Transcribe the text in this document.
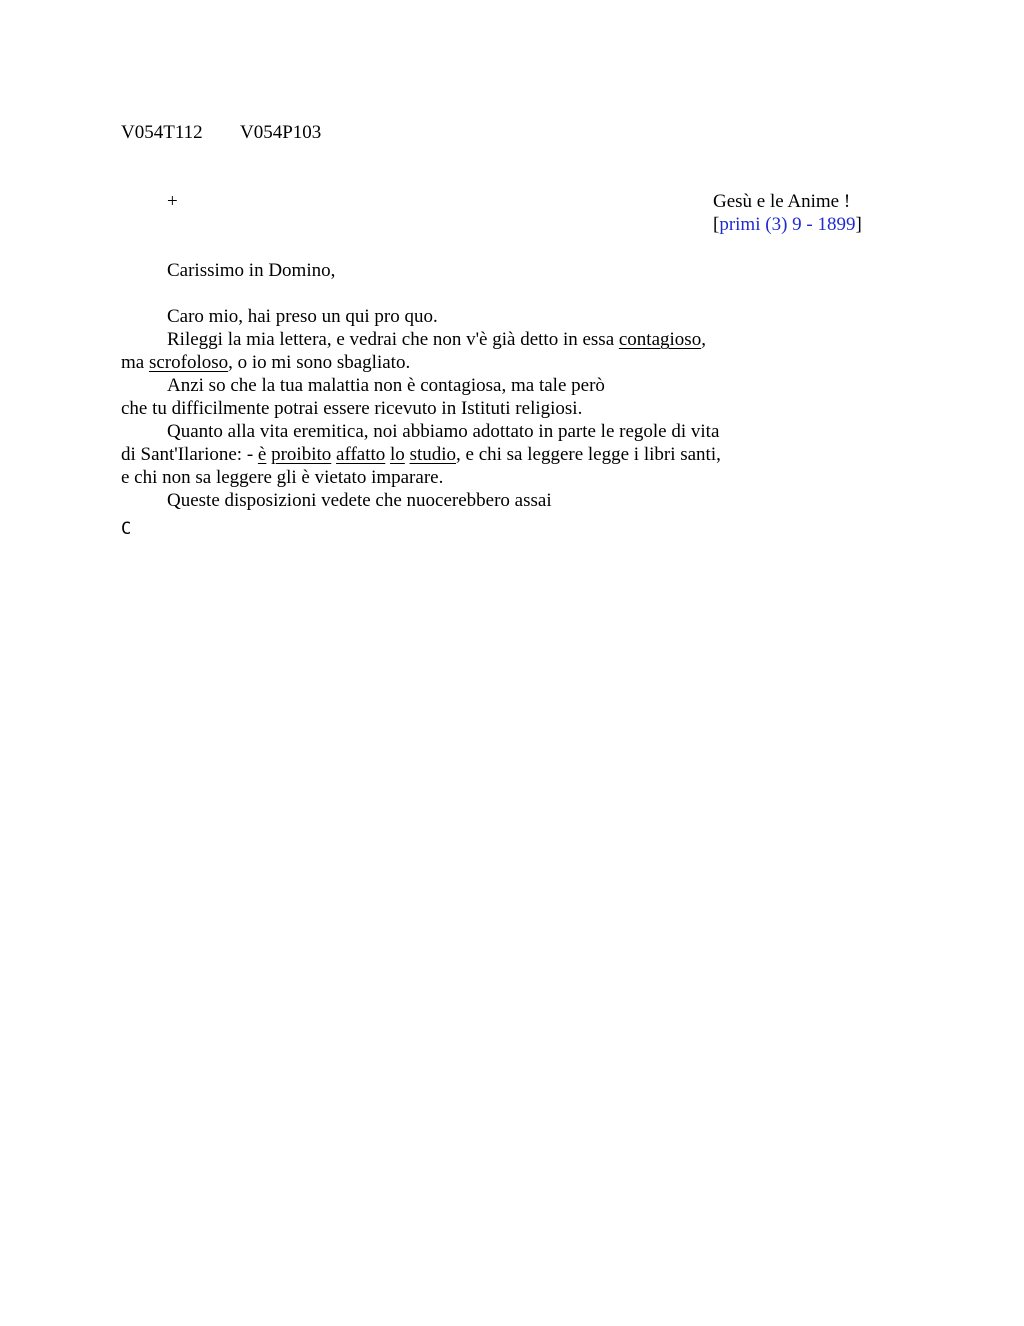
V054T112 V054P103
+	Gesù e le Anime !
[primi (3) 9 - 1899]
Carissimo in Domino,
Caro mio, hai preso un qui pro quo.
Rileggi la mia lettera, e vedrai che non v'è già detto in essa contagioso,
ma scrofoloso, o io mi sono sbagliato.
Anzi so che la tua malattia non è contagiosa, ma tale però
che tu difficilmente potrai essere ricevuto in Istituti religiosi.
Quanto alla vita eremitica, noi abbiamo adottato in parte le regole di vita
di Sant'Ilarione: - è proibito affatto lo studio, e chi sa leggere legge i libri santi,
e chi non sa leggere gli è vietato imparare.
Queste disposizioni vedete che nuocerebbero assai
C
